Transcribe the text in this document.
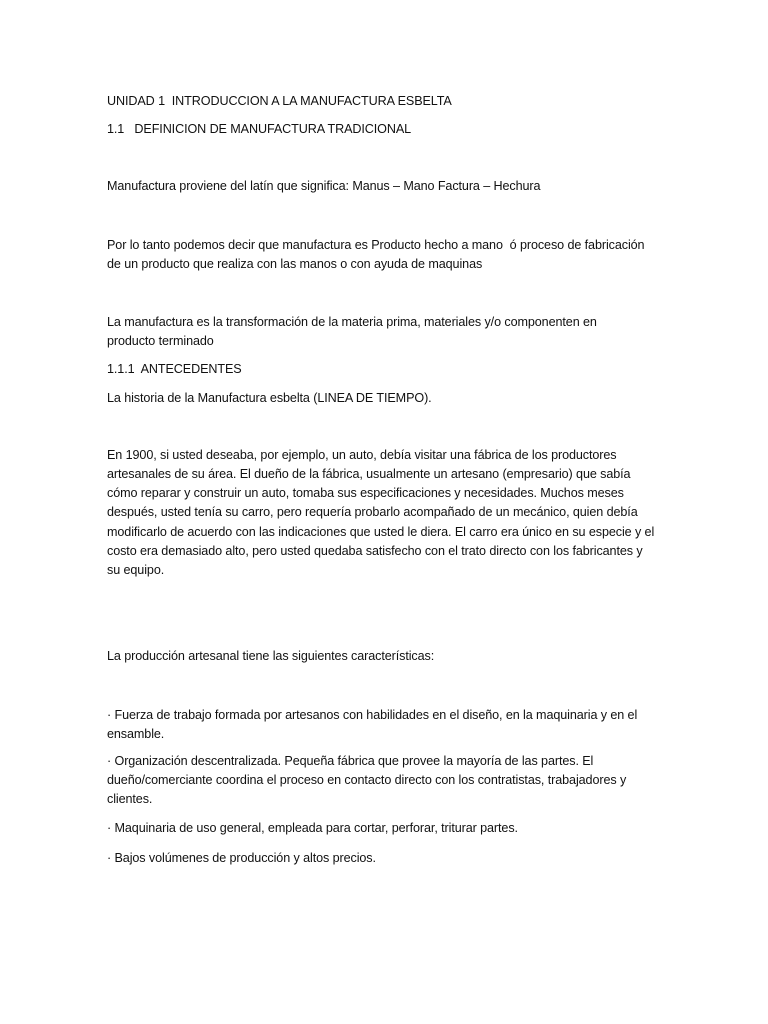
UNIDAD 1  INTRODUCCION A LA MANUFACTURA ESBELTA
1.1   DEFINICION DE MANUFACTURA TRADICIONAL
Manufactura proviene del latín que significa: Manus – Mano Factura – Hechura
Por lo tanto podemos decir que manufactura es Producto hecho a mano  ó proceso de fabricación
de un producto que realiza con las manos o con ayuda de maquinas
La manufactura es la transformación de la materia prima, materiales y/o componenten en
producto terminado
1.1.1  ANTECEDENTES
La historia de la Manufactura esbelta (LINEA DE TIEMPO).
En 1900, si usted deseaba, por ejemplo, un auto, debía visitar una fábrica de los productores
artesanales de su área. El dueño de la fábrica, usualmente un artesano (empresario) que sabía
cómo reparar y construir un auto, tomaba sus especificaciones y necesidades. Muchos meses
después, usted tenía su carro, pero requería probarlo acompañado de un mecánico, quien debía
modificarlo de acuerdo con las indicaciones que usted le diera. El carro era único en su especie y el
costo era demasiado alto, pero usted quedaba satisfecho con el trato directo con los fabricantes y
su equipo.
La producción artesanal tiene las siguientes características:
· Fuerza de trabajo formada por artesanos con habilidades en el diseño, en la maquinaria y en el
ensamble.
· Organización descentralizada. Pequeña fábrica que provee la mayoría de las partes. El
dueño/comerciante coordina el proceso en contacto directo con los contratistas, trabajadores y
clientes.
· Maquinaria de uso general, empleada para cortar, perforar, triturar partes.
· Bajos volúmenes de producción y altos precios.
